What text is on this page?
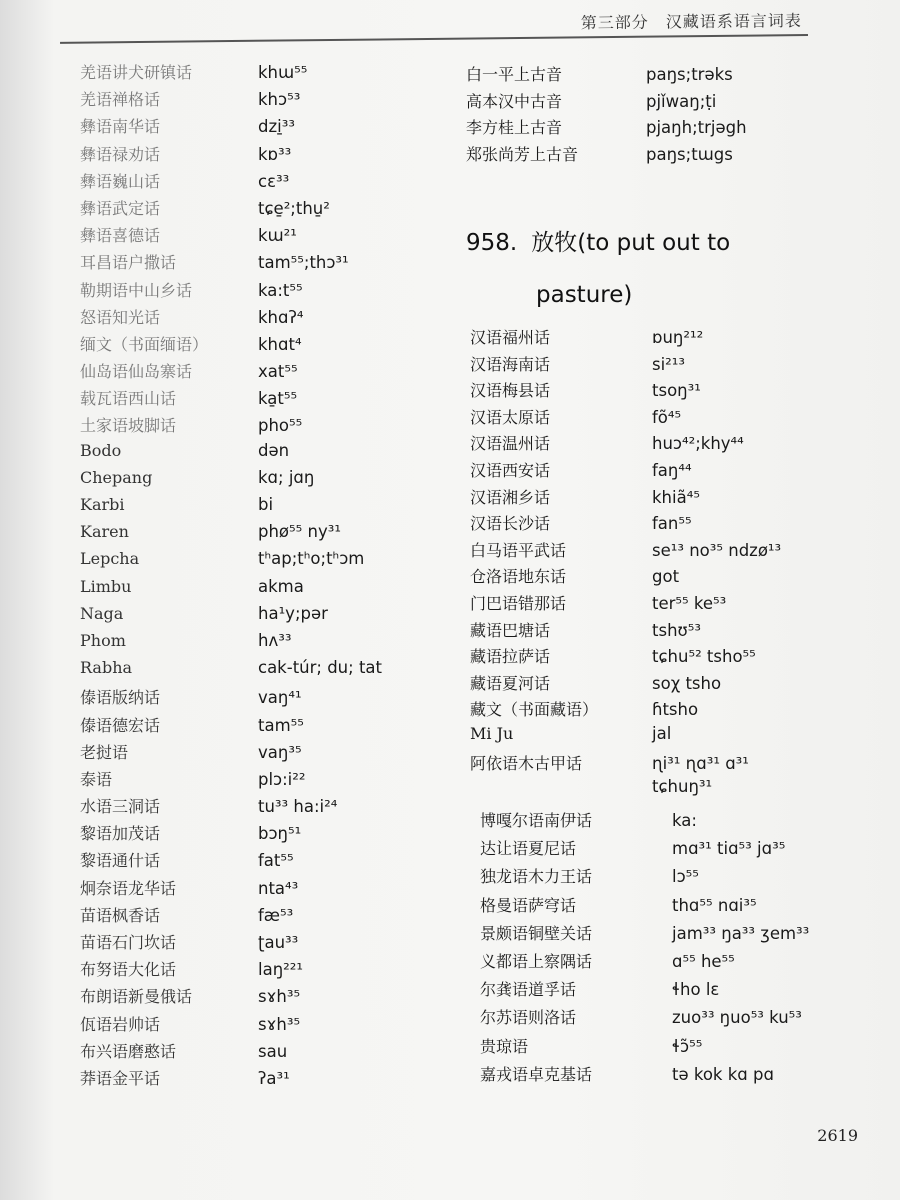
第三部分　汉藏语系语言词表
羌语讲犬研镇话	khɯ⁵⁵
羌语禅格话	khɔ⁵³
彝语南华话	dzi̱³³
彝语禄劝话	kɒ³³
彝语巍山话	cɛ³³
彝语武定话	tɕe̱²;thu̱²
彝语喜德话	kɯ²¹
耳昌语户撒话	tam⁵⁵;thɔ³¹
勒期语中山乡话	ka:t⁵⁵
怒语知光话	khɑʔ⁴
缅文（书面缅语）	khɑt⁴
仙岛语仙岛寨话	xat⁵⁵
载瓦语西山话	ka̱t⁵⁵
土家语坡脚话	pho⁵⁵
Bodo	dən
Chepang	kɑ; jɑŋ
Karbi	bi
Karen	phø⁵⁵ ny³¹
Lepcha	tʰap;tʰo;tʰɔm
Limbu	akma
Naga	ha¹y;pər
Phom	hʌ³³
Rabha	cak-túr; du; tat
傣语版纳话	vaŋ⁴¹
傣语德宏话	tam⁵⁵
老挝语	vaŋ³⁵
泰语	plɔ:i²²
水语三洞话	tu³³ ha:i²⁴
黎语加茂话	bɔŋ⁵¹
黎语通什话	fat⁵⁵
炯奈语龙华话	nta⁴³
苗语枫香话	fæ⁵³
苗语石门坎话	ʈau³³
布努语大化话	laŋ²²¹
布朗语新曼俄话	sɤh³⁵
佤语岩帅话	sɤh³⁵
布兴语磨憨话	sau
莽语金平话	ʔa³¹
白一平上古音	paŋs;trəks
高本汉中古音	pjǐwaŋ;ṭi
李方桂上古音	pjaŋh;trjəgh
郑张尚芳上古音	paŋs;tɯgs
958. 放牧(to put out to
pasture)
汉语福州话	ɒuŋ²¹²
汉语海南话	si²¹³
汉语梅县话	tsoŋ³¹
汉语太原话	fõ⁴⁵
汉语温州话	huɔ⁴²;khy⁴⁴
汉语西安话	faŋ⁴⁴
汉语湘乡话	khiã⁴⁵
汉语长沙话	fan⁵⁵
白马语平武话	se¹³ no³⁵ ndzø¹³
仓洛语地东话	got
门巴语错那话	ter⁵⁵ ke⁵³
藏语巴塘话	tshʊ⁵³
藏语拉萨话	tɕhu⁵² tsho⁵⁵
藏语夏河话	soχ tsho
藏文（书面藏语）	ɦtsho
Mi Ju	jal
阿依语木古甲话	ɳi³¹ ɳɑ³¹ ɑ³¹
tɕhuŋ³¹
博嘎尔语南伊话	ka:
达让语夏尼话	mɑ³¹ tiɑ⁵³ jɑ³⁵
独龙语木力王话	lɔ⁵⁵
格曼语萨穹话	thɑ⁵⁵ nɑi³⁵
景颇语铜壁关话	jam³³ ŋa³³ ʒem³³
义都语上察隅话	ɑ⁵⁵ he⁵⁵
尔龚语道孚话	ɬho lɛ
尔苏语则洛话	zuo³³ ŋuo⁵³ ku⁵³
贵琼语	ɬɔ̃⁵⁵
嘉戎语卓克基话	tə kok kɑ pɑ
2619
